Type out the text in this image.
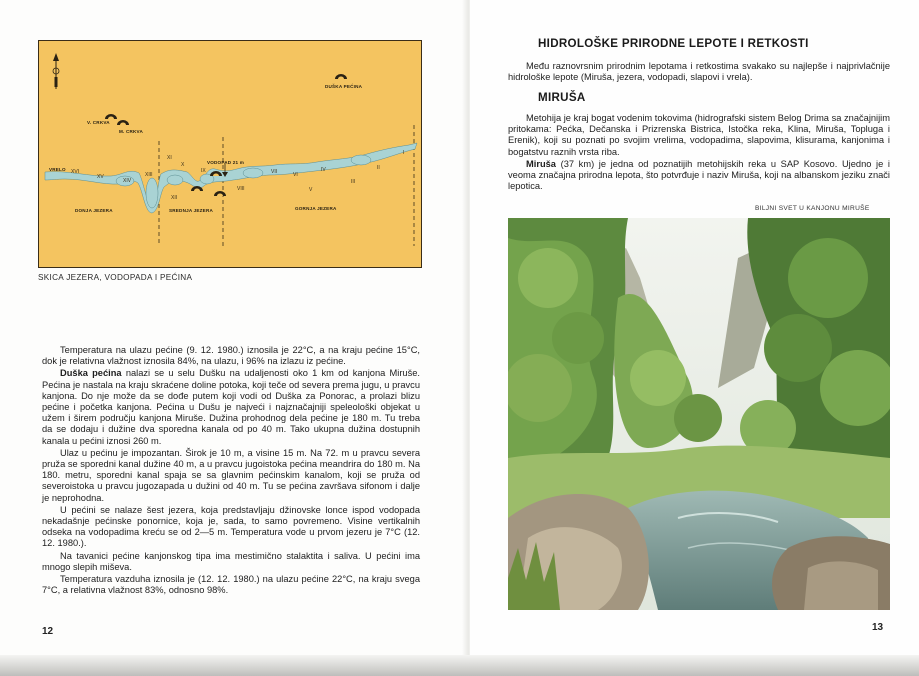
DUŠKA PEĆINA
V. CRKVA
M. CRKVA
VRELO
VODOPAD 21 m
DONJA JEZERA	SREDNJA JEZERA	GORNJA JEZERA
XVI
XV
XIV
XIII
XII
XI
X
IX
VIII
VII	VI
V
IV
III
II
I
SKICA JEZERA, VODOPADA I PEĆINA

Temperatura na ulazu pećine (9. 12. 1980.) iznosila je 22°C, a na kraju pećine 15°C, dok je relativna vlažnost iznosila 84%, na ulazu, i 96% na izlazu iz pećine.

Duška pećina nalazi se u selu Dušku na udaljenosti oko 1 km od kanjona Miruše. Pećina je nastala na kraju skraćene doline potoka, koji teče od severa prema jugu, u pravcu kanjona. Do nje može da se dođe putem koji vodi od Duška za Ponorac, a prolazi blizu pećine i početka kanjona. Pećina u Dušu je najveći i najznačajniji speleološki objekat u užem i širem području kanjona Miruše. Dužina prohodnog dela pećine je 180 m. Tu treba da se dodaju i dužine dva sporedna kanala od po 40 m. Tako ukupna dužina dostupnih kanala u pećini iznosi 260 m.

Ulaz u pećinu je impozantan. Širok je 10 m, a visine 15 m. Na 72. m u pravcu severa pruža se sporedni kanal dužine 40 m, a u pravcu jugoistoka pećina meandrira do 180 m. Na 180. metru, sporedni kanal spaja se sa glavnim pećinskim kanalom, koji se pruža od severoistoka u pravcu jugozapada u dužini od 40 m. Tu se pećina završava sifonom i dalje je neprohodna.

U pećini se nalaze šest jezera, koja predstavljaju džinovske lonce ispod vodopada nekadašnje pećinske ponornice, koja je, sada, to samo povremeno. Visine vertikalnih odseka na vodopadima kreću se od 2—5 m. Temperatura vode u prvom jezeru je 7°C (12. 12. 1980.).

Na tavanici pećine kanjonskog tipa ima mestimično stalaktita i saliva. U pećini ima mnogo slepih miševa.

Temperatura vazduha iznosila je (12. 12. 1980.) na ulazu pećine 22°C, na kraju svega 7°C, a relativna vlažnost 83%, odnosno 98%.

12
HIDROLOŠKE PRIRODNE LEPOTE I RETKOSTI

Među raznovrsnim prirodnim lepotama i retkostima svakako su najlepše i najprivlačnije hidrološke lepote (Miruša, jezera, vodopadi, slapovi i vrela).

MIRUŠA

Metohija je kraj bogat vodenim tokovima (hidrografski sistem Belog Drima sa značajnijim pritokama: Pećka, Dečanska i Prizrenska Bistrica, Istočka reka, Klina, Miruša, Topluga i Erenik), koji su poznati po svojim vrelima, vodopadima, slapovima, klisurama, kanjonima i bogatstvu raznih vrsta riba.

Miruša (37 km) je jedna od poznatijih metohijskih reka u SAP Kosovo. Ujedno je i veoma značajna prirodna lepota, što potvrđuje i naziv Miruša, koji na albanskom jeziku znači lepotica.

BILJNI SVET U KANJONU MIRUŠE
13
